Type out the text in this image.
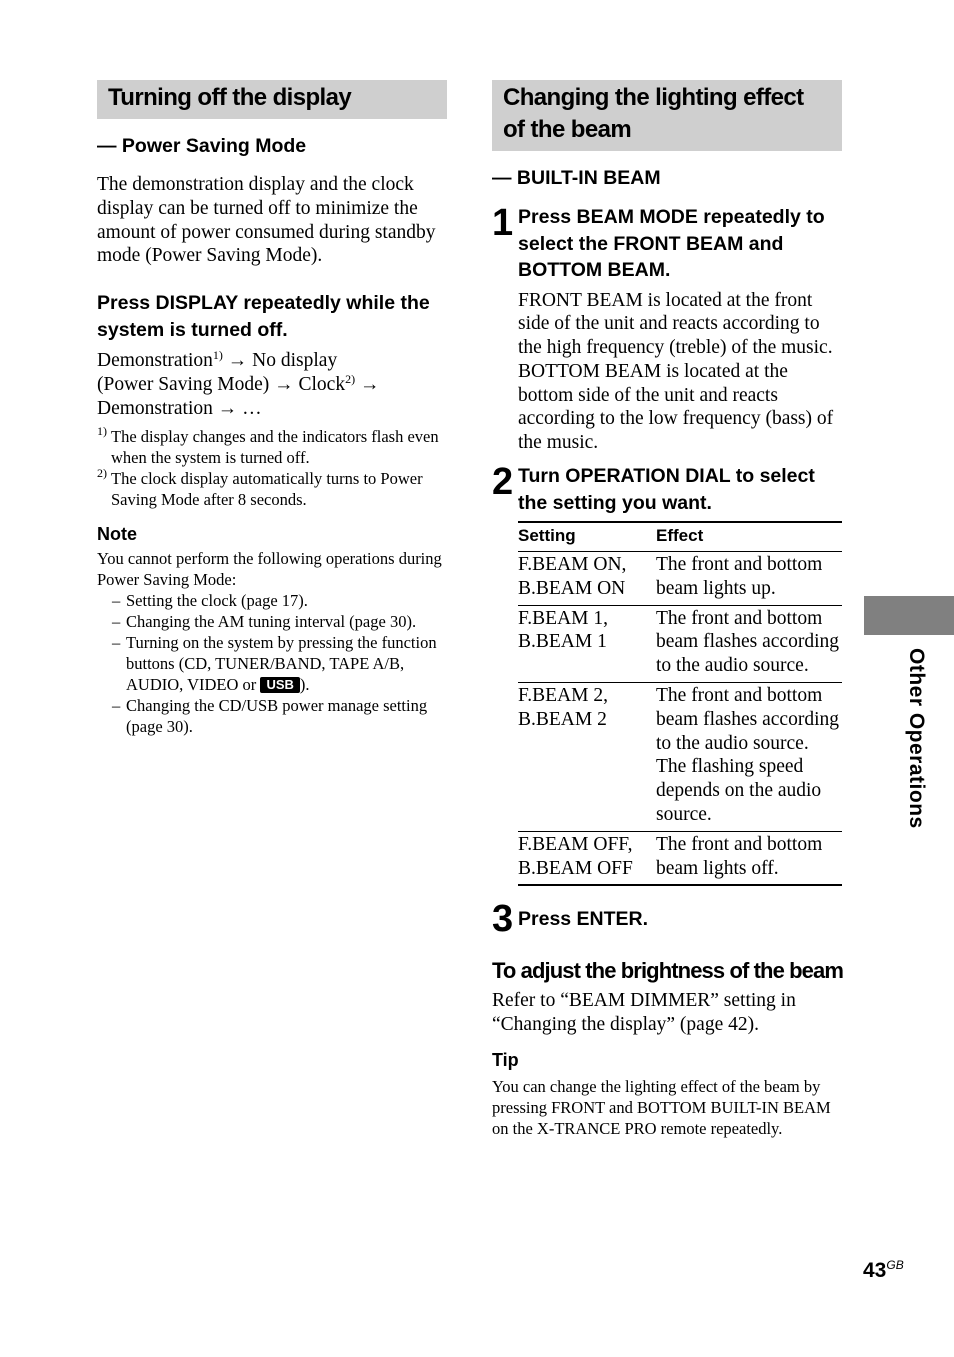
Turning off the display
— Power Saving Mode
The demonstration display and the clock display can be turned off to minimize the amount of power consumed during standby mode (Power Saving Mode).
Press DISPLAY repeatedly while the system is turned off.
Demonstration$^{1)}$ → No display
(Power Saving Mode) → Clock$^{2)}$ →
Demonstration → …
1) The display changes and the indicators flash even when the system is turned off.
2) The clock display automatically turns to Power Saving Mode after 8 seconds.
Note
You cannot perform the following operations during Power Saving Mode:
– Setting the clock (page 17).
– Changing the AM tuning interval (page 30).
– Turning on the system by pressing the function buttons (CD, TUNER/BAND, TAPE A/B, AUDIO, VIDEO or USB ).
– Changing the CD/USB power manage setting (page 30).
Changing the lighting effect of the beam
— BUILT-IN BEAM
1 Press BEAM MODE repeatedly to select the FRONT BEAM and BOTTOM BEAM.
FRONT BEAM is located at the front side of the unit and reacts according to the high frequency (treble) of the music.
BOTTOM BEAM is located at the bottom side of the unit and reacts according to the low frequency (bass) of the music.
2 Turn OPERATION DIAL to select the setting you want.
Setting	Effect
F.BEAM ON,
B.BEAM ON	The front and bottom beam lights up.
F.BEAM 1,
B.BEAM 1	The front and bottom beam flashes according to the audio source.
F.BEAM 2,
B.BEAM 2	The front and bottom beam flashes according to the audio source. The flashing speed depends on the audio source.
F.BEAM OFF,
B.BEAM OFF	The front and bottom beam lights off.
3 Press ENTER.
To adjust the brightness of the beam
Refer to “BEAM DIMMER” setting in “Changing the display” (page 42).
Tip
You can change the lighting effect of the beam by pressing FRONT and BOTTOM BUILT-IN BEAM on the X-TRANCE PRO remote repeatedly.
Other Operations
$43^{GB}$
